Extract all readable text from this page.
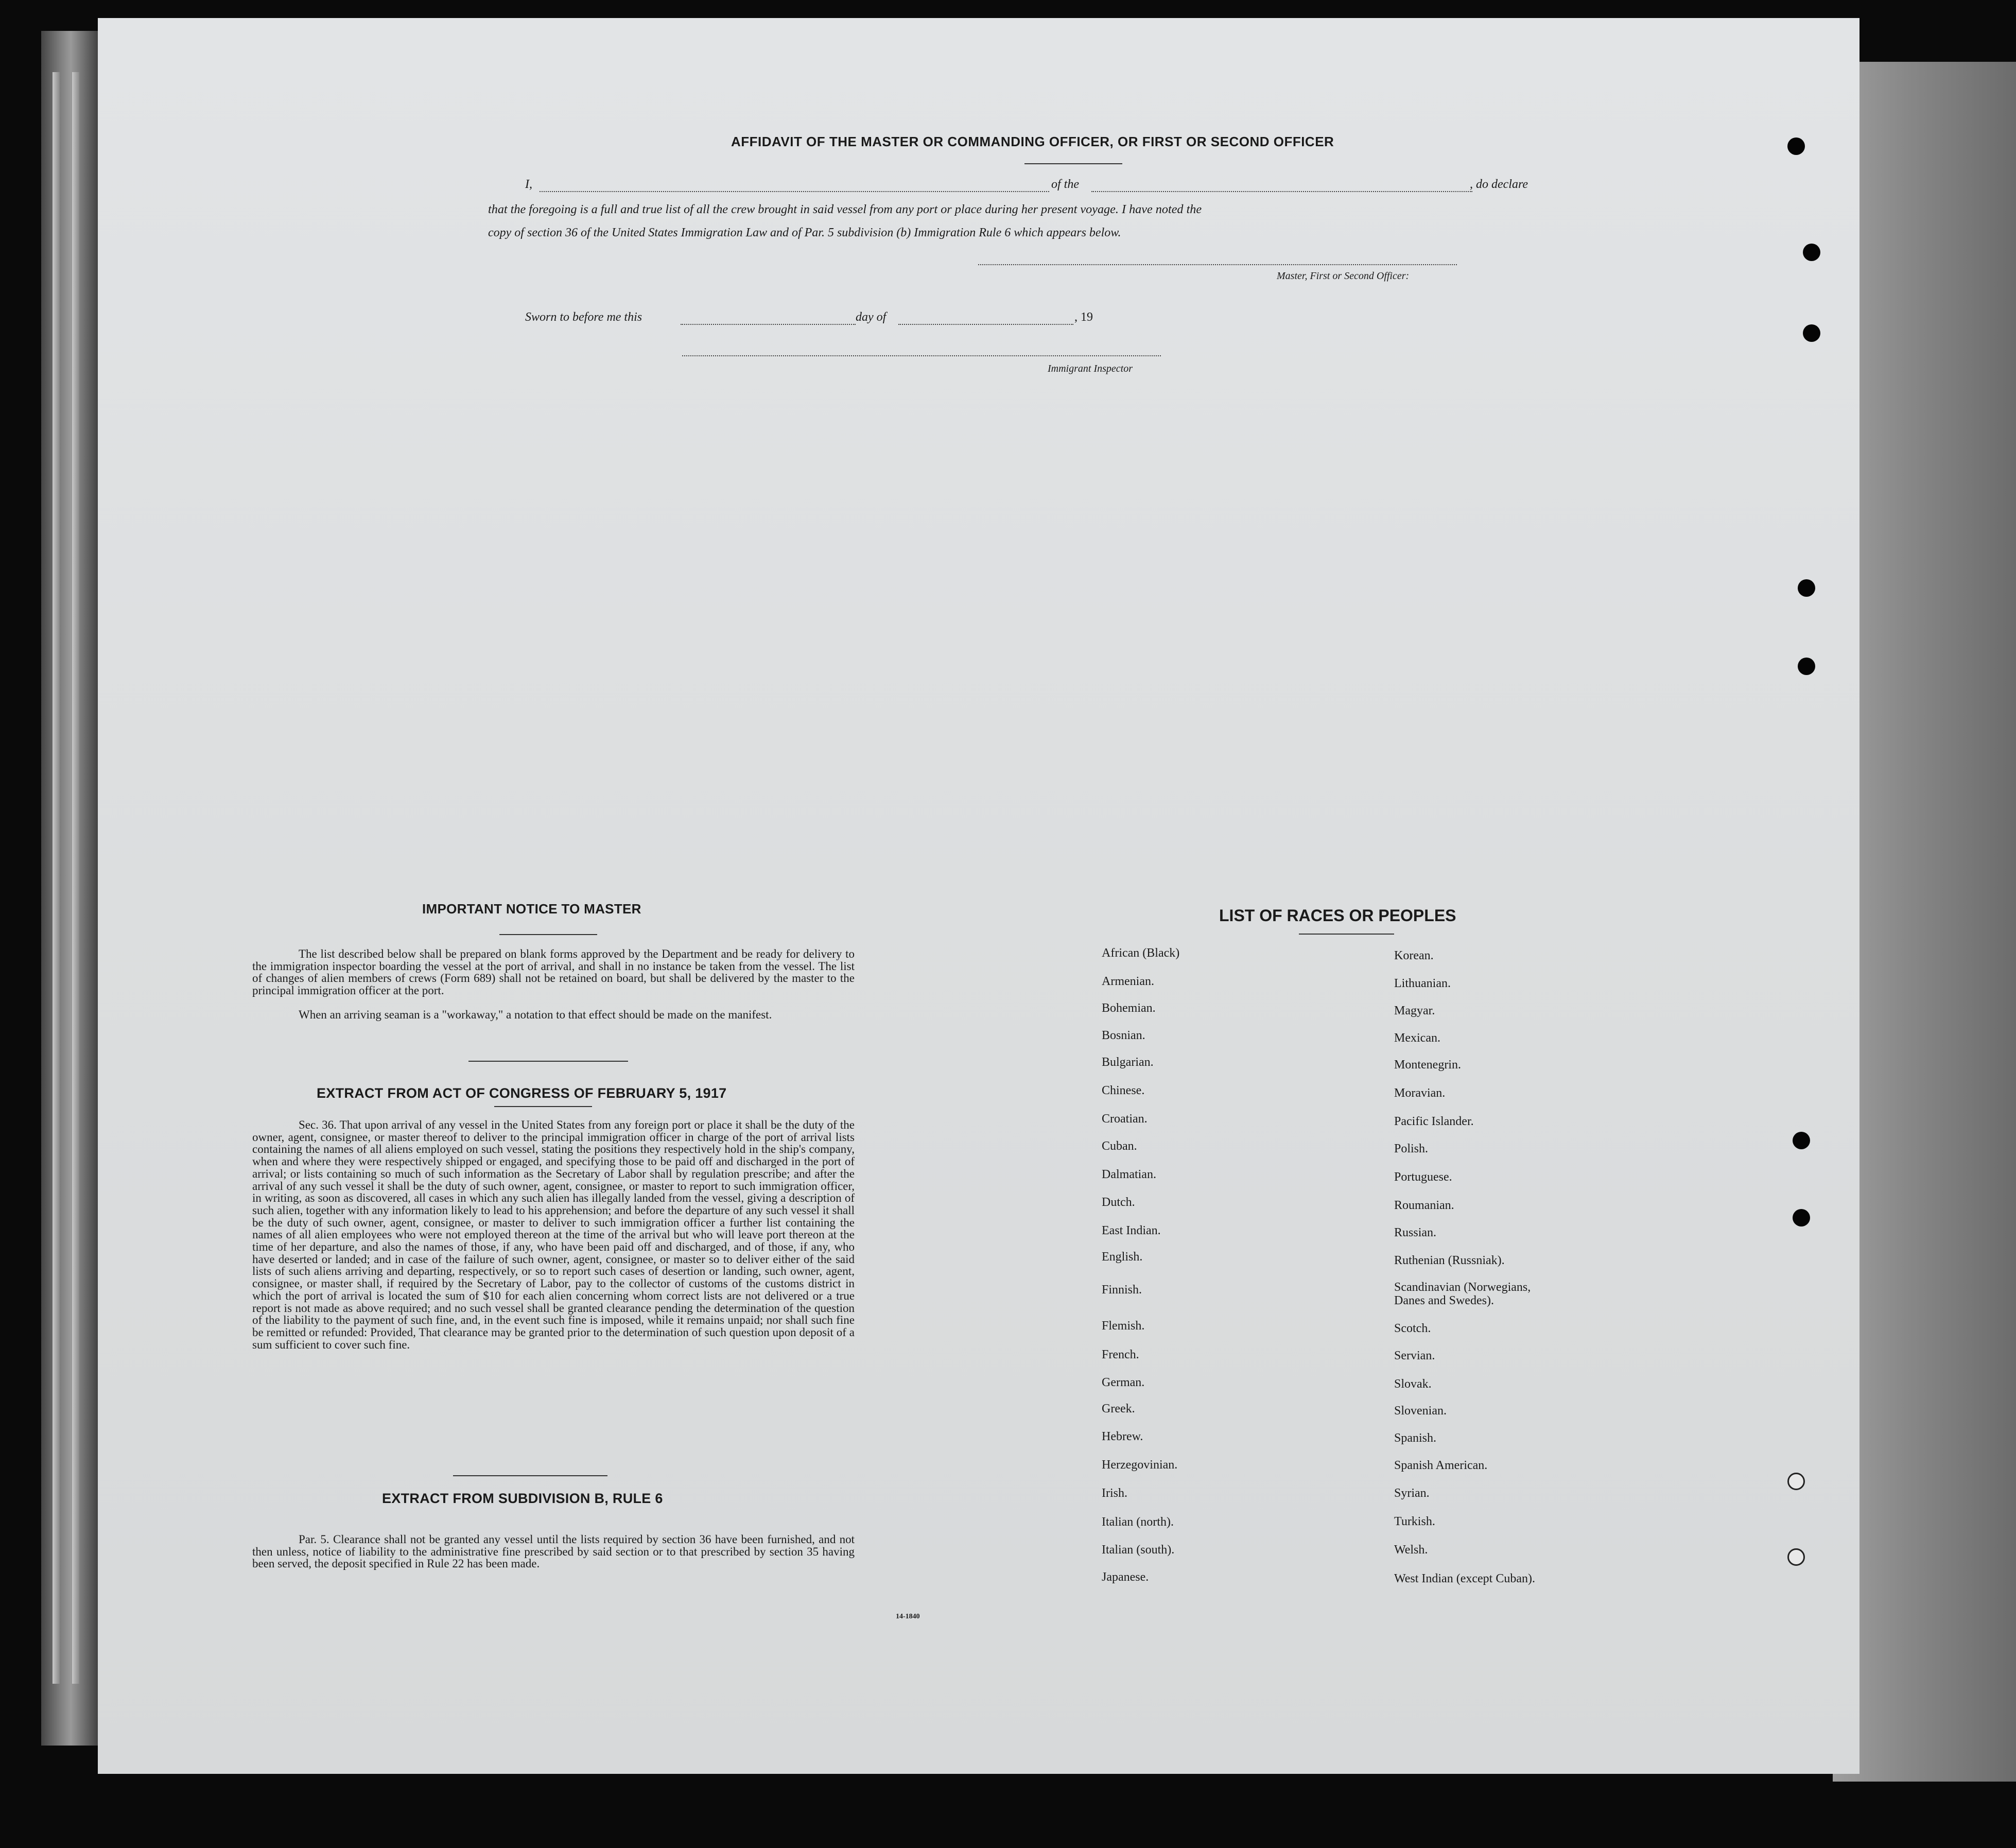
AFFIDAVIT OF THE MASTER OR COMMANDING OFFICER, OR FIRST OR SECOND OFFICER
I,	of the	, do declare
that the foregoing is a full and true list of all the crew brought in said vessel from any port or place during her present voyage. I have noted the
copy of section 36 of the United States Immigration Law and of Par. 5 subdivision (b) Immigration Rule 6 which appears below.
Master, First or Second Officer:
Sworn to before me this	day of	, 19
Immigrant Inspector
IMPORTANT NOTICE TO MASTER
The list described below shall be prepared on blank forms approved by the Department and be ready for delivery to the immigration inspector boarding the vessel at the port of arrival, and shall in no instance be taken from the vessel. The list of changes of alien members of crews (Form 689) shall not be retained on board, but shall be delivered by the master to the principal immigration officer at the port.
When an arriving seaman is a "workaway," a notation to that effect should be made on the manifest.
EXTRACT FROM ACT OF CONGRESS OF FEBRUARY 5, 1917
Sec. 36. That upon arrival of any vessel in the United States from any foreign port or place it shall be the duty of the owner, agent, consignee, or master thereof to deliver to the principal immigration officer in charge of the port of arrival lists containing the names of all aliens employed on such vessel, stating the positions they respectively hold in the ship's company, when and where they were respectively shipped or engaged, and specifying those to be paid off and discharged in the port of arrival; or lists containing so much of such information as the Secretary of Labor shall by regulation prescribe; and after the arrival of any such vessel it shall be the duty of such owner, agent, consignee, or master to report to such immigration officer, in writing, as soon as discovered, all cases in which any such alien has illegally landed from the vessel, giving a description of such alien, together with any information likely to lead to his apprehension; and before the departure of any such vessel it shall be the duty of such owner, agent, consignee, or master to deliver to such immigration officer a further list containing the names of all alien employees who were not employed thereon at the time of the arrival but who will leave port thereon at the time of her departure, and also the names of those, if any, who have been paid off and discharged, and of those, if any, who have deserted or landed; and in case of the failure of such owner, agent, consignee, or master so to deliver either of the said lists of such aliens arriving and departing, respectively, or so to report such cases of desertion or landing, such owner, agent, consignee, or master shall, if required by the Secretary of Labor, pay to the collector of customs of the customs district in which the port of arrival is located the sum of $10 for each alien concerning whom correct lists are not delivered or a true report is not made as above required; and no such vessel shall be granted clearance pending the determination of the question of the liability to the payment of such fine, and, in the event such fine is imposed, while it remains unpaid; nor shall such fine be remitted or refunded: Provided, That clearance may be granted prior to the determination of such question upon deposit of a sum sufficient to cover such fine.
EXTRACT FROM SUBDIVISION B, RULE 6
Par. 5. Clearance shall not be granted any vessel until the lists required by section 36 have been furnished, and not then unless, notice of liability to the administrative fine prescribed by said section or to that prescribed by section 35 having been served, the deposit specified in Rule 22 has been made.
14-1840
LIST OF RACES OR PEOPLES
African (Black)
Armenian.
Bohemian.
Bosnian.
Bulgarian.
Chinese.
Croatian.
Cuban.
Dalmatian.
Dutch.
East Indian.
English.
Finnish.
Flemish.
French.
German.
Greek.
Hebrew.
Herzegovinian.
Irish.
Italian (north).
Italian (south).
Japanese.
Korean.
Lithuanian.
Magyar.
Mexican.
Montenegrin.
Moravian.
Pacific Islander.
Polish.
Portuguese.
Roumanian.
Russian.
Ruthenian (Russniak).
Scandinavian (Norwegians,
Danes and Swedes).
Scotch.
Servian.
Slovak.
Slovenian.
Spanish.
Spanish American.
Syrian.
Turkish.
Welsh.
West Indian (except Cuban).
